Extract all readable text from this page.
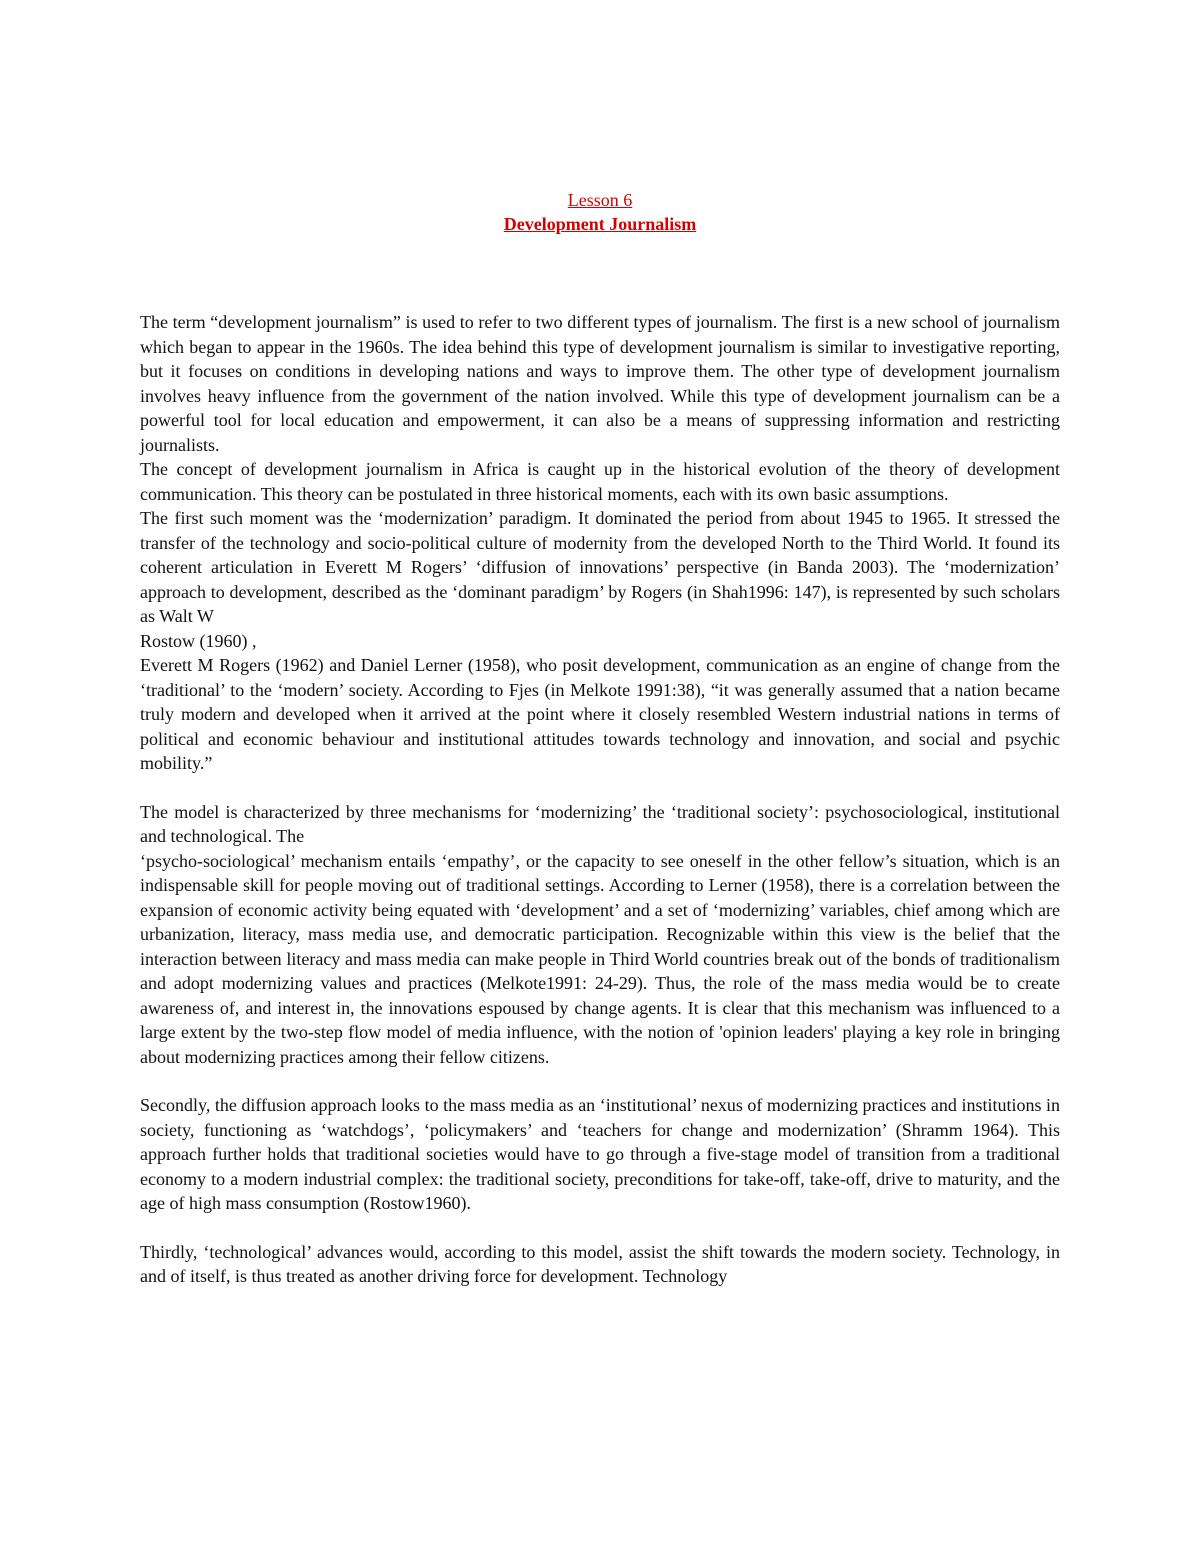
Lesson 6
Development Journalism

The term “development journalism” is used to refer to two different types of journalism. The first is a new school of journalism which began to appear in the 1960s. The idea behind this type of development journalism is similar to investigative reporting, but it focuses on conditions in developing nations and ways to improve them. The other type of development journalism involves heavy influence from the government of the nation involved. While this type of development journalism can be a powerful tool for local education and empowerment, it can also be a means of suppressing information and restricting journalists.

The concept of development journalism in Africa is caught up in the historical evolution of the theory of development communication. This theory can be postulated in three historical moments, each with its own basic assumptions.

The first such moment was the ‘modernization’ paradigm. It dominated the period from about 1945 to 1965. It stressed the transfer of the technology and socio-political culture of modernity from the developed North to the Third World. It found its coherent articulation in Everett M Rogers’ ‘diffusion of innovations’ perspective (in Banda 2003). The ‘modernization’ approach to development, described as the ‘dominant paradigm’ by Rogers (in Shah1996: 147), is represented by such scholars as Walt W

Rostow (1960) ,

Everett M Rogers (1962) and Daniel Lerner (1958), who posit development, communication as an engine of change from the ‘traditional’ to the ‘modern’ society. According to Fjes (in Melkote 1991:38), “it was generally assumed that a nation became truly modern and developed when it arrived at the point where it closely resembled Western industrial nations in terms of political and economic behaviour and institutional attitudes towards technology and innovation, and social and psychic mobility.”

The model is characterized by three mechanisms for ‘modernizing’ the ‘traditional society’: psychosociological, institutional and technological. The

‘psycho-sociological’ mechanism entails ‘empathy’, or the capacity to see oneself in the other fellow’s situation, which is an indispensable skill for people moving out of traditional settings. According to Lerner (1958), there is a correlation between the expansion of economic activity being equated with ‘development’ and a set of ‘modernizing’ variables, chief among which are urbanization, literacy, mass media use, and democratic participation. Recognizable within this view is the belief that the interaction between literacy and mass media can make people in Third World countries break out of the bonds of traditionalism and adopt modernizing values and practices (Melkote1991: 24-29). Thus, the role of the mass media would be to create awareness of, and interest in, the innovations espoused by change agents. It is clear that this mechanism was influenced to a large extent by the two-step flow model of media influence, with the notion of 'opinion leaders' playing a key role in bringing about modernizing practices among their fellow citizens.

Secondly, the diffusion approach looks to the mass media as an ‘institutional’ nexus of modernizing practices and institutions in society, functioning as ‘watchdogs’, ‘policymakers’ and ‘teachers for change and modernization’ (Shramm 1964). This approach further holds that traditional societies would have to go through a five-stage model of transition from a traditional economy to a modern industrial complex: the traditional society, preconditions for take-off, take-off, drive to maturity, and the age of high mass consumption (Rostow1960).

Thirdly, ‘technological’ advances would, according to this model, assist the shift towards the modern society. Technology, in and of itself, is thus treated as another driving force for development. Technology
